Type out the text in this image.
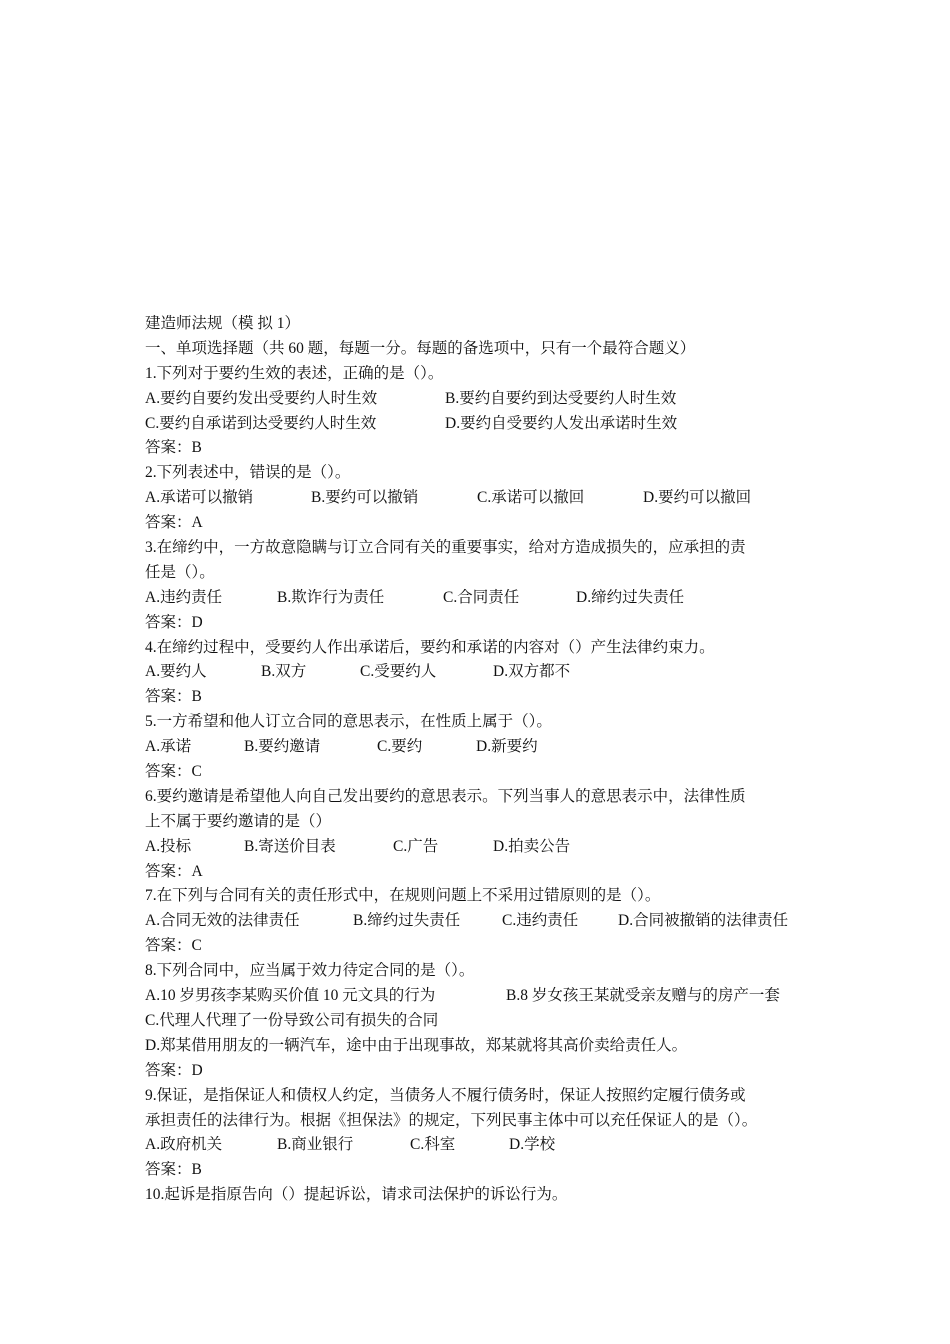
建造师法规（模 拟 1）
一、单项选择题（共 60 题，每题一分。每题的备选项中，只有一个最符合题义）
1.下列对于要约生效的表述，正确的是（）。
A.要约自要约发出受要约人时生效	B.要约自要约到达受要约人时生效
C.要约自承诺到达受要约人时生效	D.要约自受要约人发出承诺时生效
答案：B
2.下列表述中，错误的是（）。
A.承诺可以撤销	B.要约可以撤销	C.承诺可以撤回	D.要约可以撤回
答案：A
3.在缔约中，一方故意隐瞒与订立合同有关的重要事实，给对方造成损失的，应承担的责
任是（）。
A.违约责任	B.欺诈行为责任	C.合同责任	D.缔约过失责任
答案：D
4.在缔约过程中，受要约人作出承诺后，要约和承诺的内容对（）产生法律约束力。
A.要约人	B.双方	C.受要约人	D.双方都不
答案：B
5.一方希望和他人订立合同的意思表示，在性质上属于（）。
A.承诺	B.要约邀请	C.要约	D.新要约
答案：C
6.要约邀请是希望他人向自己发出要约的意思表示。下列当事人的意思表示中，法律性质
上不属于要约邀请的是（）
A.投标	B.寄送价目表	C.广告	D.拍卖公告
答案：A
7.在下列与合同有关的责任形式中，在规则问题上不采用过错原则的是（）。
A.合同无效的法律责任	B.缔约过失责任	C.违约责任	D.合同被撤销的法律责任
答案：C
8.下列合同中，应当属于效力待定合同的是（）。
A.10 岁男孩李某购买价值 10 元文具的行为	B.8 岁女孩王某就受亲友赠与的房产一套
C.代理人代理了一份导致公司有损失的合同
D.郑某借用朋友的一辆汽车，途中由于出现事故，郑某就将其高价卖给责任人。
答案：D
9.保证，是指保证人和债权人约定，当债务人不履行债务时，保证人按照约定履行债务或
承担责任的法律行为。根据《担保法》的规定，下列民事主体中可以充任保证人的是（）。
A.政府机关	B.商业银行	C.科室	D.学校
答案：B
10.起诉是指原告向（）提起诉讼，请求司法保护的诉讼行为。
